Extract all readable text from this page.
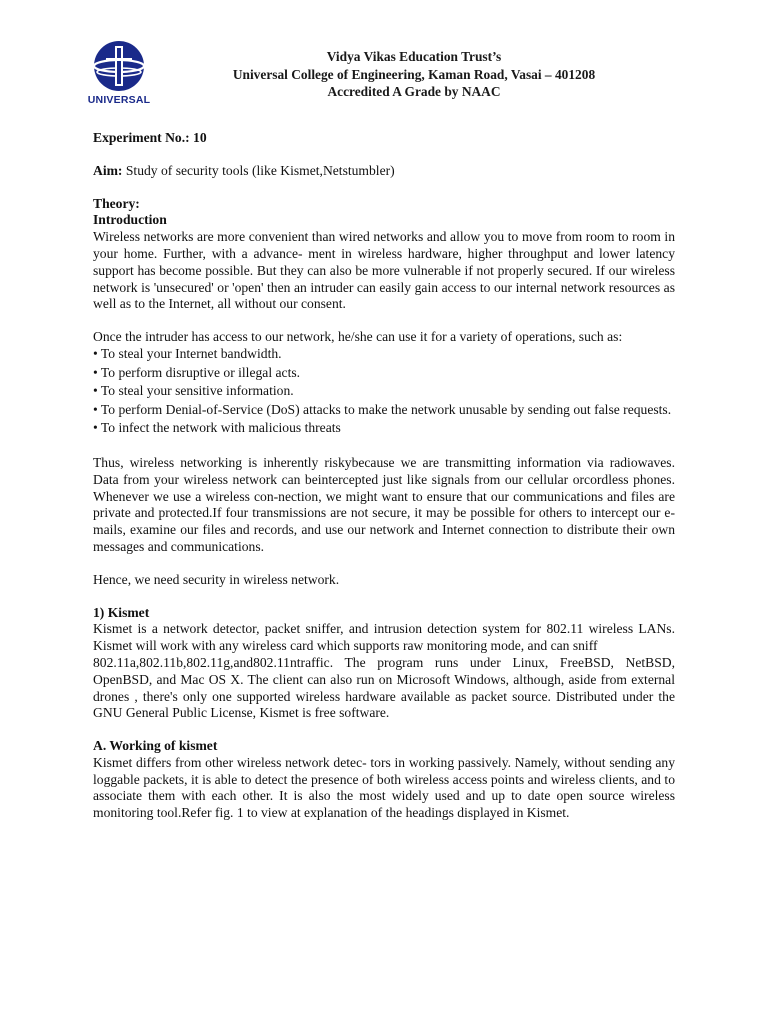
UNIVERSAL
Vidya Vikas Education Trust’s
Universal College of Engineering, Kaman Road, Vasai – 401208
Accredited A Grade by NAAC

Experiment No.: 10

Aim: Study of security tools (like Kismet,Netstumbler)

Theory:

Introduction

Wireless networks are more convenient than wired networks and allow you to move from room to room in your home. Further, with a advance- ment in wireless hardware, higher throughput and lower latency support has become possible. But they can also be more vulnerable if not properly secured. If our wireless network is 'unsecured' or 'open' then an intruder can easily gain access to our internal network resources as well as to the Internet, all without our consent.

Once the intruder has access to our network, he/she can use it for a variety of operations, such as:

• To steal your Internet bandwidth.
• To perform disruptive or illegal acts.
• To steal your sensitive information.
• To perform Denial-of-Service (DoS) attacks to make the network unusable by sending out false requests.
• To infect the network with malicious threats

Thus, wireless networking is inherently riskybecause we are transmitting information via radiowaves. Data from your wireless network can beintercepted just like signals from our cellular orcordless phones. Whenever we use a wireless con-nection, we might want to ensure that our communications and files are private and protected.If four transmissions are not secure, it may be possible for others to intercept our e-mails, examine our files and records, and use our network and Internet connection to distribute their own messages and communications.

Hence, we need security in wireless network.

1) Kismet

Kismet is a network detector, packet sniffer, and intrusion detection system for 802.11 wireless LANs. Kismet will work with any wireless card which supports raw monitoring mode, and can sniff

802.11a,802.11b,802.11g,and802.11ntraffic. The program runs under Linux, FreeBSD, NetBSD, OpenBSD, and Mac OS X. The client can also run on Microsoft Windows, although, aside from external drones , there's only one supported wireless hardware available as packet source. Distributed under the GNU General Public License, Kismet is free software.

A. Working of kismet

Kismet differs from other wireless network detec- tors in working passively. Namely, without sending any loggable packets, it is able to detect the presence of both wireless access points and wireless clients, and to associate them with each other. It is also the most widely used and up to date open source wireless monitoring tool.Refer fig. 1 to view at explanation of the headings displayed in Kismet.
